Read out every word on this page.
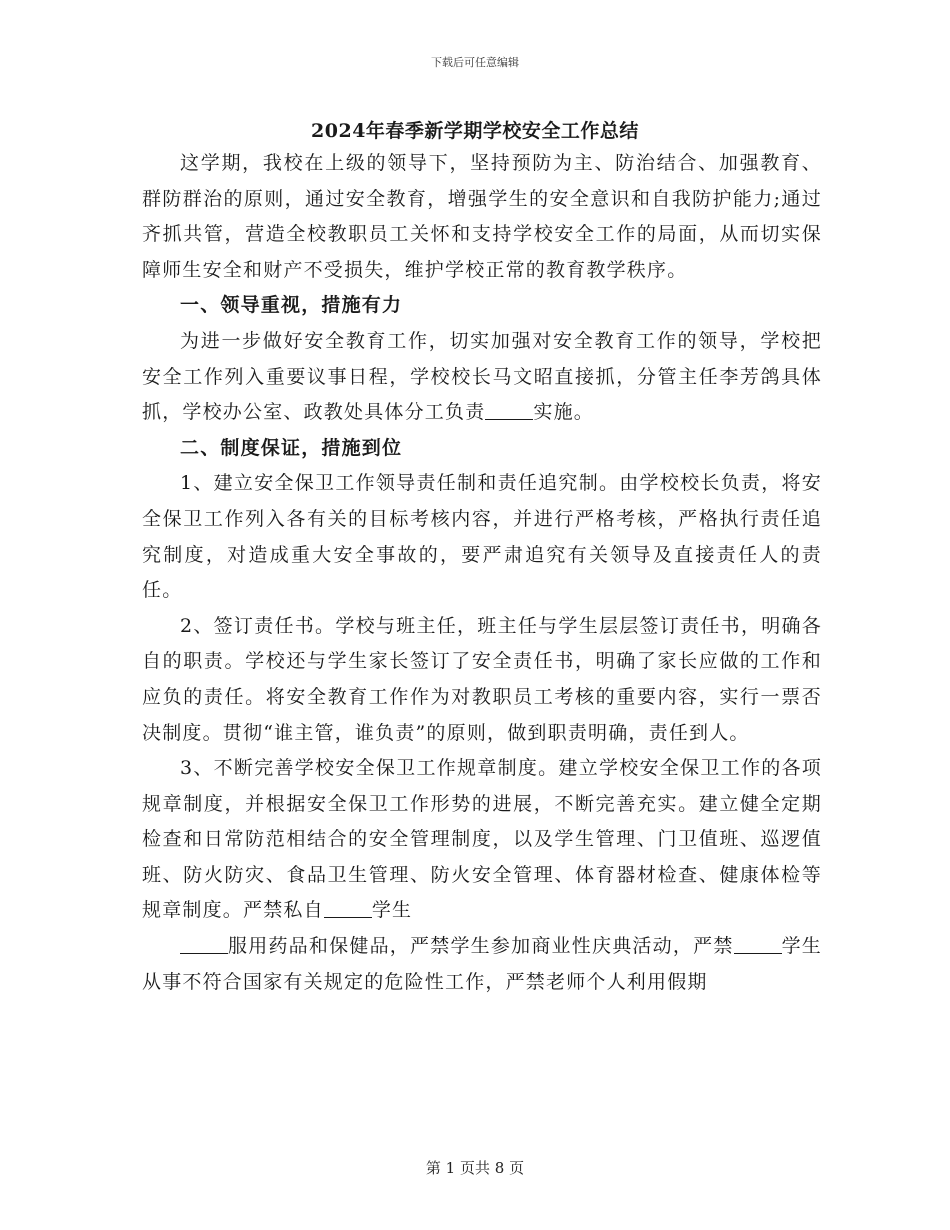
下载后可任意编辑
2024年春季新学期学校安全工作总结

这学期，我校在上级的领导下，坚持预防为主、防治结合、加强教育、群防群治的原则，通过安全教育，增强学生的安全意识和自我防护能力;通过齐抓共管，营造全校教职员工关怀和支持学校安全工作的局面，从而切实保障师生安全和财产不受损失，维护学校正常的教育教学秩序。

一、领导重视，措施有力

为进一步做好安全教育工作，切实加强对安全教育工作的领导，学校把安全工作列入重要议事日程，学校校长马文昭直接抓，分管主任李芳鸽具体抓，学校办公室、政教处具体分工负责	实施。

二、制度保证，措施到位

1、建立安全保卫工作领导责任制和责任追究制。由学校校长负责，将安全保卫工作列入各有关的目标考核内容，并进行严格考核，严格执行责任追究制度，对造成重大安全事故的，要严肃追究有关领导及直接责任人的责任。

2、签订责任书。学校与班主任，班主任与学生层层签订责任书，明确各自的职责。学校还与学生家长签订了安全责任书，明确了家长应做的工作和应负的责任。将安全教育工作作为对教职员工考核的重要内容，实行一票否决制度。贯彻“谁主管，谁负责”的原则，做到职责明确，责任到人。

3、不断完善学校安全保卫工作规章制度。建立学校安全保卫工作的各项规章制度，并根据安全保卫工作形势的进展，不断完善充实。建立健全定期检查和日常防范相结合的安全管理制度，以及学生管理、门卫值班、巡逻值班、防火防灾、食品卫生管理、防火安全管理、体育器材检查、健康体检等规章制度。严禁私自	学生

服用药品和保健品，严禁学生参加商业性庆典活动，严禁	学生从事不符合国家有关规定的危险性工作，严禁老师个人利用假期

第 1 页共 8 页
